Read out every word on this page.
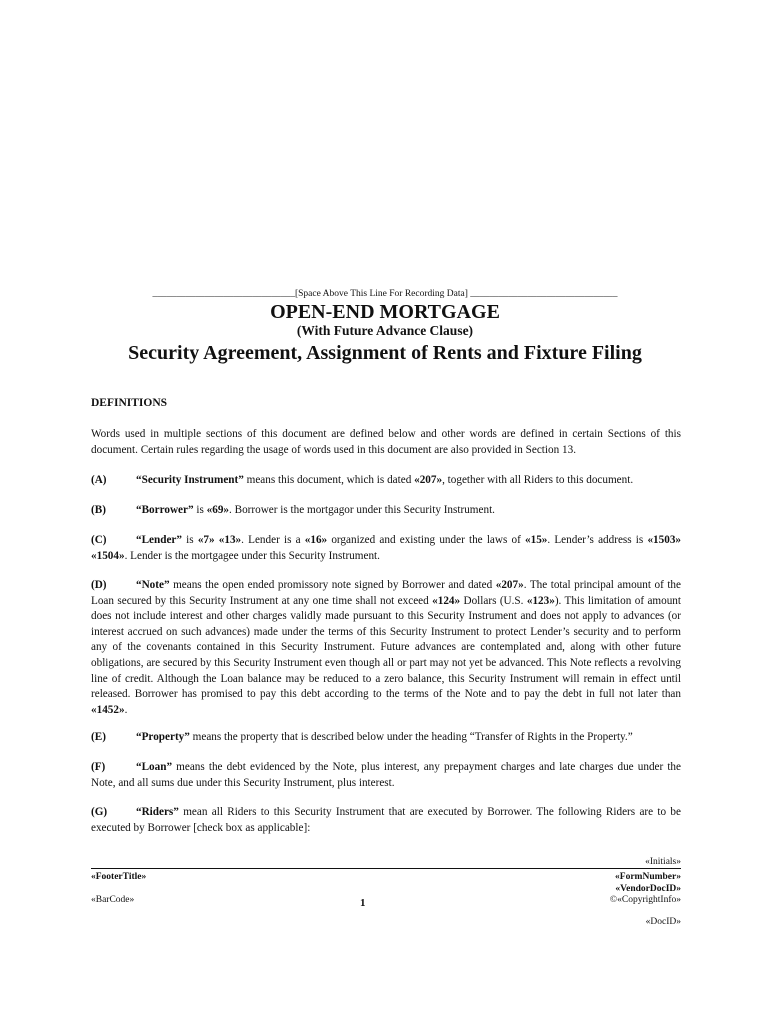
______________________________[Space Above This Line For Recording Data] _______________________________
OPEN-END MORTGAGE
(With Future Advance Clause)
Security Agreement, Assignment of Rents and Fixture Filing
DEFINITIONS
Words used in multiple sections of this document are defined below and other words are defined in certain Sections of this document. Certain rules regarding the usage of words used in this document are also provided in Section 13.
(A)	“Security Instrument” means this document, which is dated «207», together with all Riders to this document.
(B)	“Borrower” is «69». Borrower is the mortgagor under this Security Instrument.
(C)	“Lender” is «7» «13». Lender is a «16» organized and existing under the laws of «15». Lender’s address is «1503» «1504». Lender is the mortgagee under this Security Instrument.
(D)	“Note” means the open ended promissory note signed by Borrower and dated «207». The total principal amount of the Loan secured by this Security Instrument at any one time shall not exceed «124» Dollars (U.S. «123»). This limitation of amount does not include interest and other charges validly made pursuant to this Security Instrument and does not apply to advances (or interest accrued on such advances) made under the terms of this Security Instrument to protect Lender’s security and to perform any of the covenants contained in this Security Instrument. Future advances are contemplated and, along with other future obligations, are secured by this Security Instrument even though all or part may not yet be advanced. This Note reflects a revolving line of credit. Although the Loan balance may be reduced to a zero balance, this Security Instrument will remain in effect until released. Borrower has promised to pay this debt according to the terms of the Note and to pay the debt in full not later than «1452».
(E)	“Property” means the property that is described below under the heading “Transfer of Rights in the Property.”
(F)	“Loan” means the debt evidenced by the Note, plus interest, any prepayment charges and late charges due under the Note, and all sums due under this Security Instrument, plus interest.
(G)	“Riders” mean all Riders to this Security Instrument that are executed by Borrower. The following Riders are to be executed by Borrower [check box as applicable]:
«Initials»
«FooterTitle»	«FormNumber»
«VendorDocID»
«BarCode»	1	©«CopyrightInfo»
«DocID»
